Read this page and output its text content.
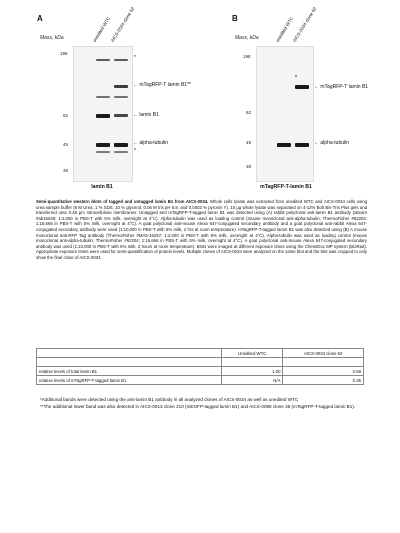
A
Mass, kDa	unedited WTC
AICS-0034 clone 62
198
62
49
38
*
← mTagRFP-T lamin B1**
← lamin B1
← alpha-tubulin
*
lamin B1
B
Mass, kDa	unedited WTC
AICS-0034 clone 62
198
62
49
38
← mTagRFP-T lamin B1
← alpha-tubulin
mTagRFP-T-lamin B1
Semi-quantitative western blots of tagged and untagged lamin B1 from AICS-0034. Whole cells lysate was extracted from unedited WTC and AICS-0034 cells using urea sample buffer (8 M Urea, 1 % SDS, 10 % glycerol, 0.06 M tris pH 6.8, and 0.0002 % pyronin Y). 10 µg whole lysate was separated on 4-12% Bolt Bis-Tris Plus gels and transferred onto 0.45 µm nitrocellulose membranes. Untagged and mTagRFP-T-tagged lamin B1 was detected using (A) rabbit polyclonal anti-lamin B1 antibody (abcam #ab16048; 1:2,000 in PBS-T with 5% milk, overnight at 4°C). Alpha-tubulin was used as loading control (mouse monoclonal anti-alpha-tubulin; ThermoFisher #62204; 1:16,666 in PBS-T with 5% milk, overnight at 4°C). A goat polyclonal anti-mouse Alexa 647-conjugated secondary antibody and a goat polyclonal anti-rabbit Alexa 647-conjugated secondary antibody were used (1:10,000 in PBS-T with 5% milk, 2 hrs at room temperature). mTagRFP-T-tagged lamin B1 was also detected using (B) A mouse monoclonal anti-RFP Tag antibody (ThermoFisher #MA5-15257; 1:2,000 in PBS-T with 5% milk, overnight at 4°C). Alpha-tubulin was used as loading control (mouse monoclonal anti-alpha-tubulin; ThermoFisher #62204; 1:16,666 in PBS-T with 5% milk, overnight at 4°C). A goat polyclonal anti-mouse Alexa 647-conjugated secondary antibody was used (1:10,000 in PBS-T with 5% milk, 2 hours at room temperature). Blots were imaged at different exposure times using the ChemiDoc MP system (BioRad). Appropriate exposure times were used for semi-quantification of protein levels. Multiple clones of AICS-0034 were analyzed on the same blot and the blot was cropped to only show the final clone of AICS-0034.
	Unedited WTC	AICS-0034 clone 62

relative levels of total lamin B1	1.00	0.58
relative levels of mTagRFP-T-tagged lamin B1	N/A	0.35
*Additional bands were detected using the anti-lamin B1 antibody in all analyzed clones of AICS-0034 as well as unedited WTC
**The additional lower band was also detected in AICS-0013 clone 210 (mEGFP-tagged lamin B1) and AICS-0059 clone 36 (mTagRFP-T-tagged lamin B1).
